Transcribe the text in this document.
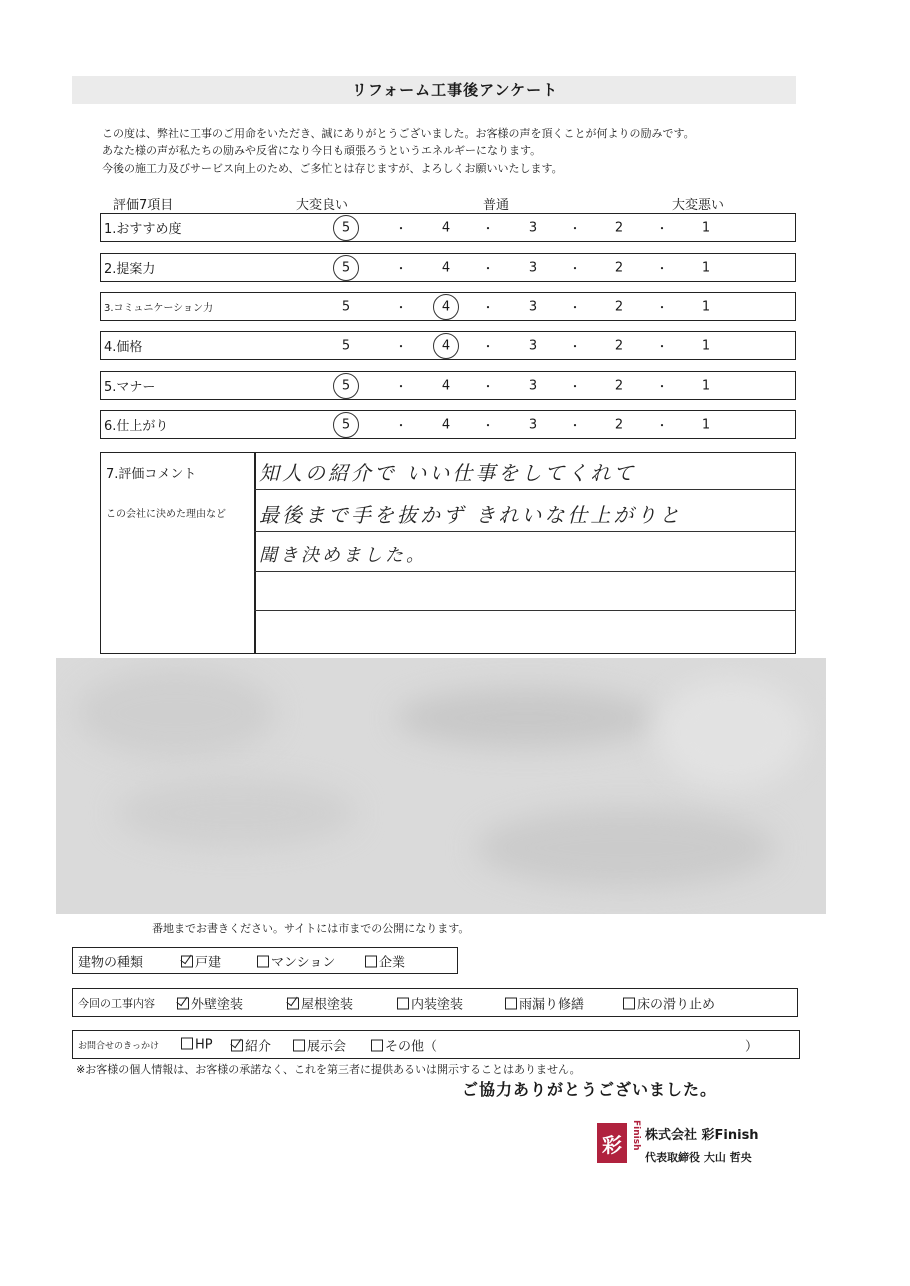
リフォーム工事後アンケート
この度は、弊社に工事のご用命をいただき、誠にありがとうございました。お客様の声を頂くことが何よりの励みです。
あなた様の声が私たちの励みや反省になり今日も頑張ろうというエネルギーになります。
今後の施工力及びサービス向上のため、ご多忙とは存じますが、よろしくお願いいたします。
評価7項目	大変良い	普通	大変悪い
1.おすすめ度	5	4	3	2	1
・	・	・	・
2.提案力	5	4	3	2	1
・	・	・	・
3.コミュニケーション力	5	4	3	2	1
・	・	・	・
4.価格	5	4	3	2	1
・	・	・	・
5.マナー	5	4	3	2	1
・	・	・	・
6.仕上がり	5	4	3	2	1
・	・	・	・
7.評価コメント
この会社に決めた理由など
知人の紹介で いい仕事をしてくれて
最後まで手を抜かず きれいな仕上がりと
聞き決めました。
番地までお書きください。サイトには市までの公開になります。
建物の種類	戸建	マンション	企業
今回の工事内容	外壁塗装	屋根塗装	内装塗装	雨漏り修繕	床の滑り止め
お問合せのきっかけ	HP	紹介	展示会	その他（	）
※お客様の個人情報は、お客様の承諾なく、これを第三者に提供あるいは開示することはありません。
ご協力ありがとうございました。
彩	Finish 株式会社 彩Finish
代表取締役 大山 哲央
